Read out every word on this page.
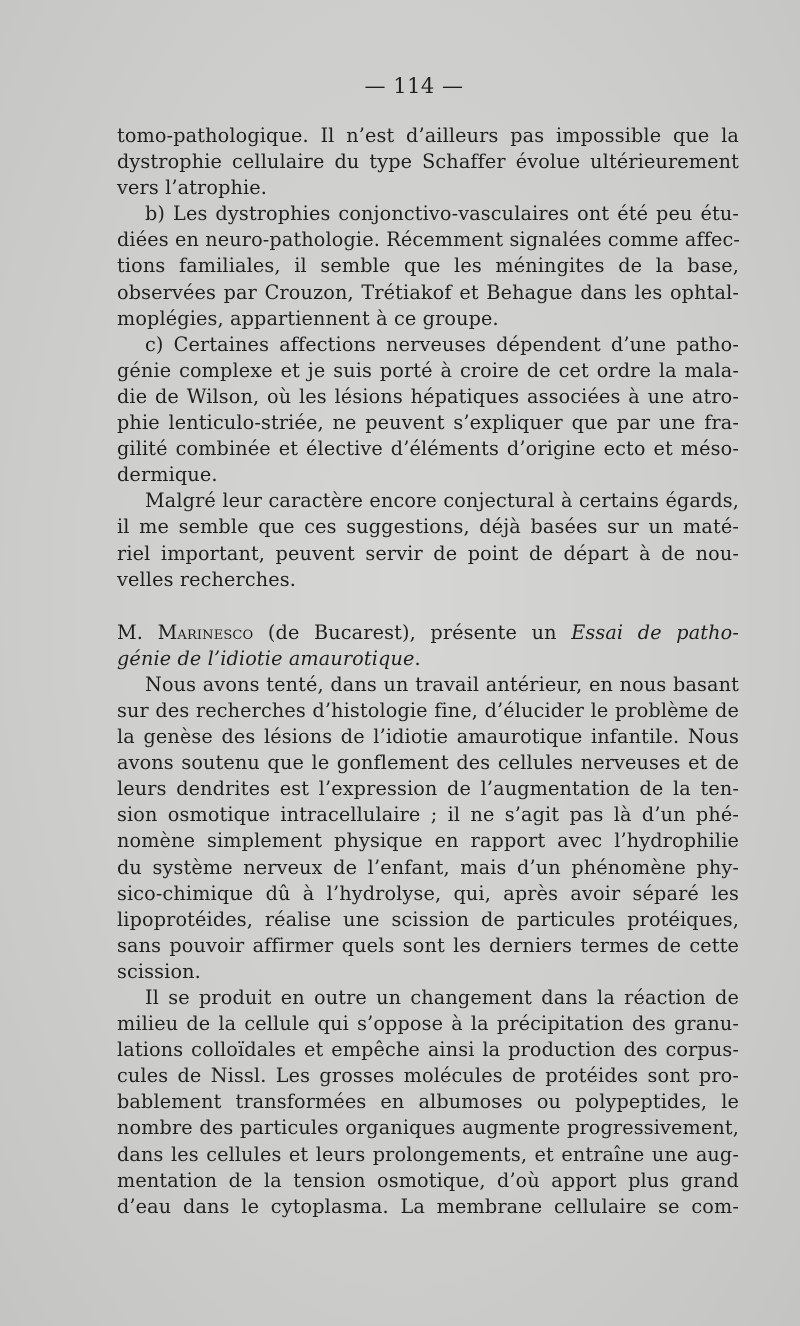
— 114 —
tomo-pathologique. Il n’est d’ailleurs pas impossible que la
dystrophie cellulaire du type Schaffer évolue ultérieurement
vers l’atrophie.
b) Les dystrophies conjonctivo-vasculaires ont été peu étu-
diées en neuro-pathologie. Récemment signalées comme affec-
tions familiales, il semble que les méningites de la base,
observées par Crouzon, Trétiakof et Behague dans les ophtal-
moplégies, appartiennent à ce groupe.
c) Certaines affections nerveuses dépendent d’une patho-
génie complexe et je suis porté à croire de cet ordre la mala-
die de Wilson, où les lésions hépatiques associées à une atro-
phie lenticulo-striée, ne peuvent s’expliquer que par une fra-
gilité combinée et élective d’éléments d’origine ecto et méso-
dermique.
Malgré leur caractère encore conjectural à certains égards,
il me semble que ces suggestions, déjà basées sur un maté-
riel important, peuvent servir de point de départ à de nou-
velles recherches.
M. Marinesco (de Bucarest), présente un Essai de patho-
génie de l’idiotie amaurotique.
Nous avons tenté, dans un travail antérieur, en nous basant
sur des recherches d’histologie fine, d’élucider le problème de
la genèse des lésions de l’idiotie amaurotique infantile. Nous
avons soutenu que le gonflement des cellules nerveuses et de
leurs dendrites est l’expression de l’augmentation de la ten-
sion osmotique intracellulaire ; il ne s’agit pas là d’un phé-
nomène simplement physique en rapport avec l’hydrophilie
du système nerveux de l’enfant, mais d’un phénomène phy-
sico-chimique dû à l’hydrolyse, qui, après avoir séparé les
lipoprotéides, réalise une scission de particules protéiques,
sans pouvoir affirmer quels sont les derniers termes de cette
scission.
Il se produit en outre un changement dans la réaction de
milieu de la cellule qui s’oppose à la précipitation des granu-
lations colloïdales et empêche ainsi la production des corpus-
cules de Nissl. Les grosses molécules de protéides sont pro-
bablement transformées en albumoses ou polypeptides, le
nombre des particules organiques augmente progressivement,
dans les cellules et leurs prolongements, et entraîne une aug-
mentation de la tension osmotique, d’où apport plus grand
d’eau dans le cytoplasma. La membrane cellulaire se com-
